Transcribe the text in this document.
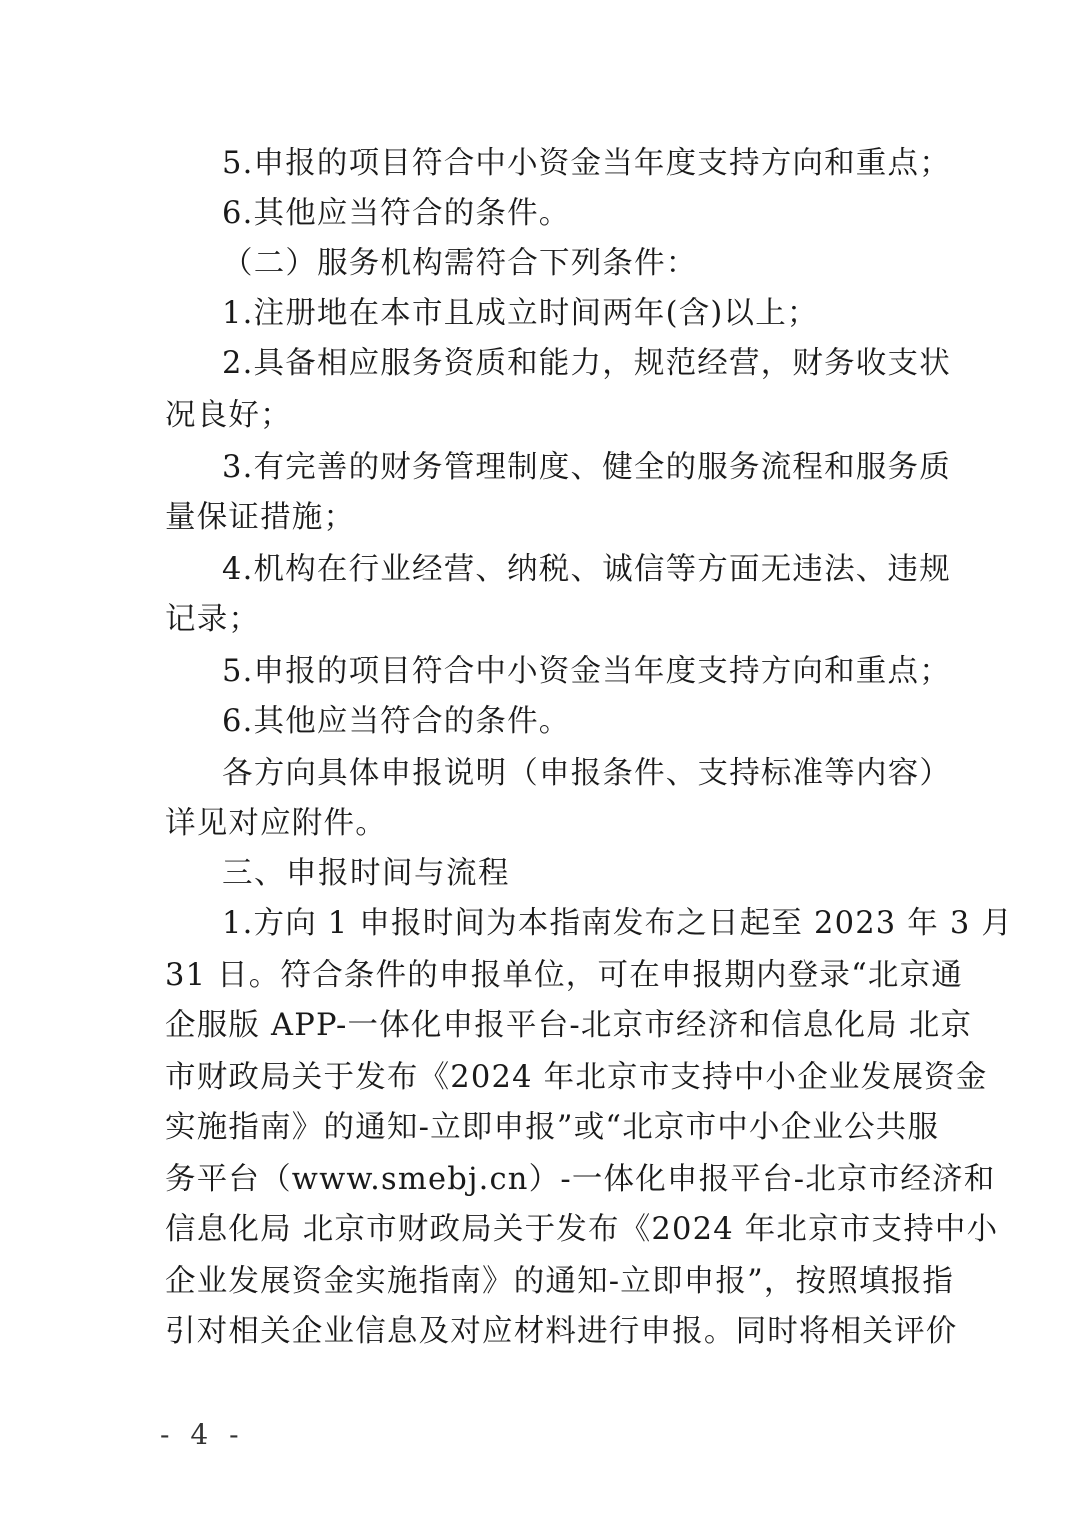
5.申报的项目符合中小资金当年度支持方向和重点；
6.其他应当符合的条件。
（二）服务机构需符合下列条件：
1.注册地在本市且成立时间两年(含)以上；
2.具备相应服务资质和能力，规范经营，财务收支状
况良好；
3.有完善的财务管理制度、健全的服务流程和服务质
量保证措施；
4.机构在行业经营、纳税、诚信等方面无违法、违规
记录；
5.申报的项目符合中小资金当年度支持方向和重点；
6.其他应当符合的条件。
各方向具体申报说明（申报条件、支持标准等内容）
详见对应附件。
三、申报时间与流程
1.方向 1 申报时间为本指南发布之日起至 2023 年 3 月
31 日。符合条件的申报单位，可在申报期内登录“北京通
企服版 APP-一体化申报平台-北京市经济和信息化局 北京
市财政局关于发布《2024 年北京市支持中小企业发展资金
实施指南》的通知-立即申报”或“北京市中小企业公共服
务平台（www.smebj.cn）-一体化申报平台-北京市经济和
信息化局 北京市财政局关于发布《2024 年北京市支持中小
企业发展资金实施指南》的通知-立即申报”，按照填报指
引对相关企业信息及对应材料进行申报。同时将相关评价
- 4 -
